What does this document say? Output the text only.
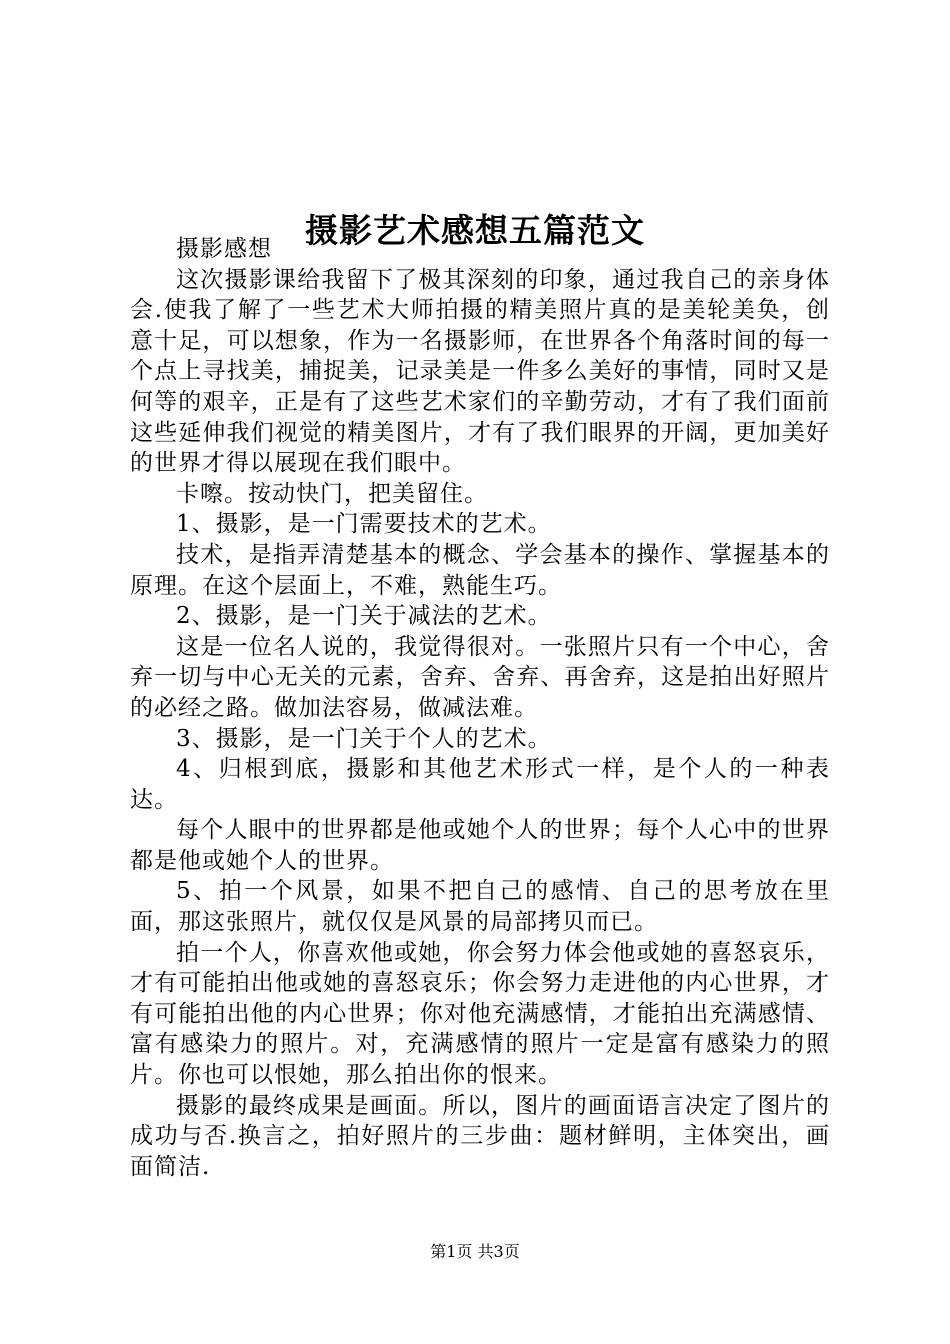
摄影艺术感想五篇范文

摄影感想

这次摄影课给我留下了极其深刻的印象，通过我自己的亲身体会.使我了解了一些艺术大师拍摄的精美照片真的是美轮美奂，创意十足，可以想象，作为一名摄影师，在世界各个角落时间的每一个点上寻找美，捕捉美，记录美是一件多么美好的事情，同时又是何等的艰辛，正是有了这些艺术家们的辛勤劳动，才有了我们面前这些延伸我们视觉的精美图片，才有了我们眼界的开阔，更加美好的世界才得以展现在我们眼中。

卡嚓。按动快门，把美留住。

1、摄影，是一门需要技术的艺术。

技术，是指弄清楚基本的概念、学会基本的操作、掌握基本的原理。在这个层面上，不难，熟能生巧。

2、摄影，是一门关于减法的艺术。

这是一位名人说的，我觉得很对。一张照片只有一个中心，舍弃一切与中心无关的元素，舍弃、舍弃、再舍弃，这是拍出好照片的必经之路。做加法容易，做减法难。

3、摄影，是一门关于个人的艺术。

4、归根到底，摄影和其他艺术形式一样，是个人的一种表达。

每个人眼中的世界都是他或她个人的世界；每个人心中的世界都是他或她个人的世界。

5、拍一个风景，如果不把自己的感情、自己的思考放在里面，那这张照片，就仅仅是风景的局部拷贝而已。

拍一个人，你喜欢他或她，你会努力体会他或她的喜怒哀乐，才有可能拍出他或她的喜怒哀乐；你会努力走进他的内心世界，才有可能拍出他的内心世界；你对他充满感情，才能拍出充满感情、富有感染力的照片。对，充满感情的照片一定是富有感染力的照片。你也可以恨她，那么拍出你的恨来。

摄影的最终成果是画面。所以，图片的画面语言决定了图片的成功与否.换言之，拍好照片的三步曲：题材鲜明，主体突出，画面简洁.

第1页 共3页
